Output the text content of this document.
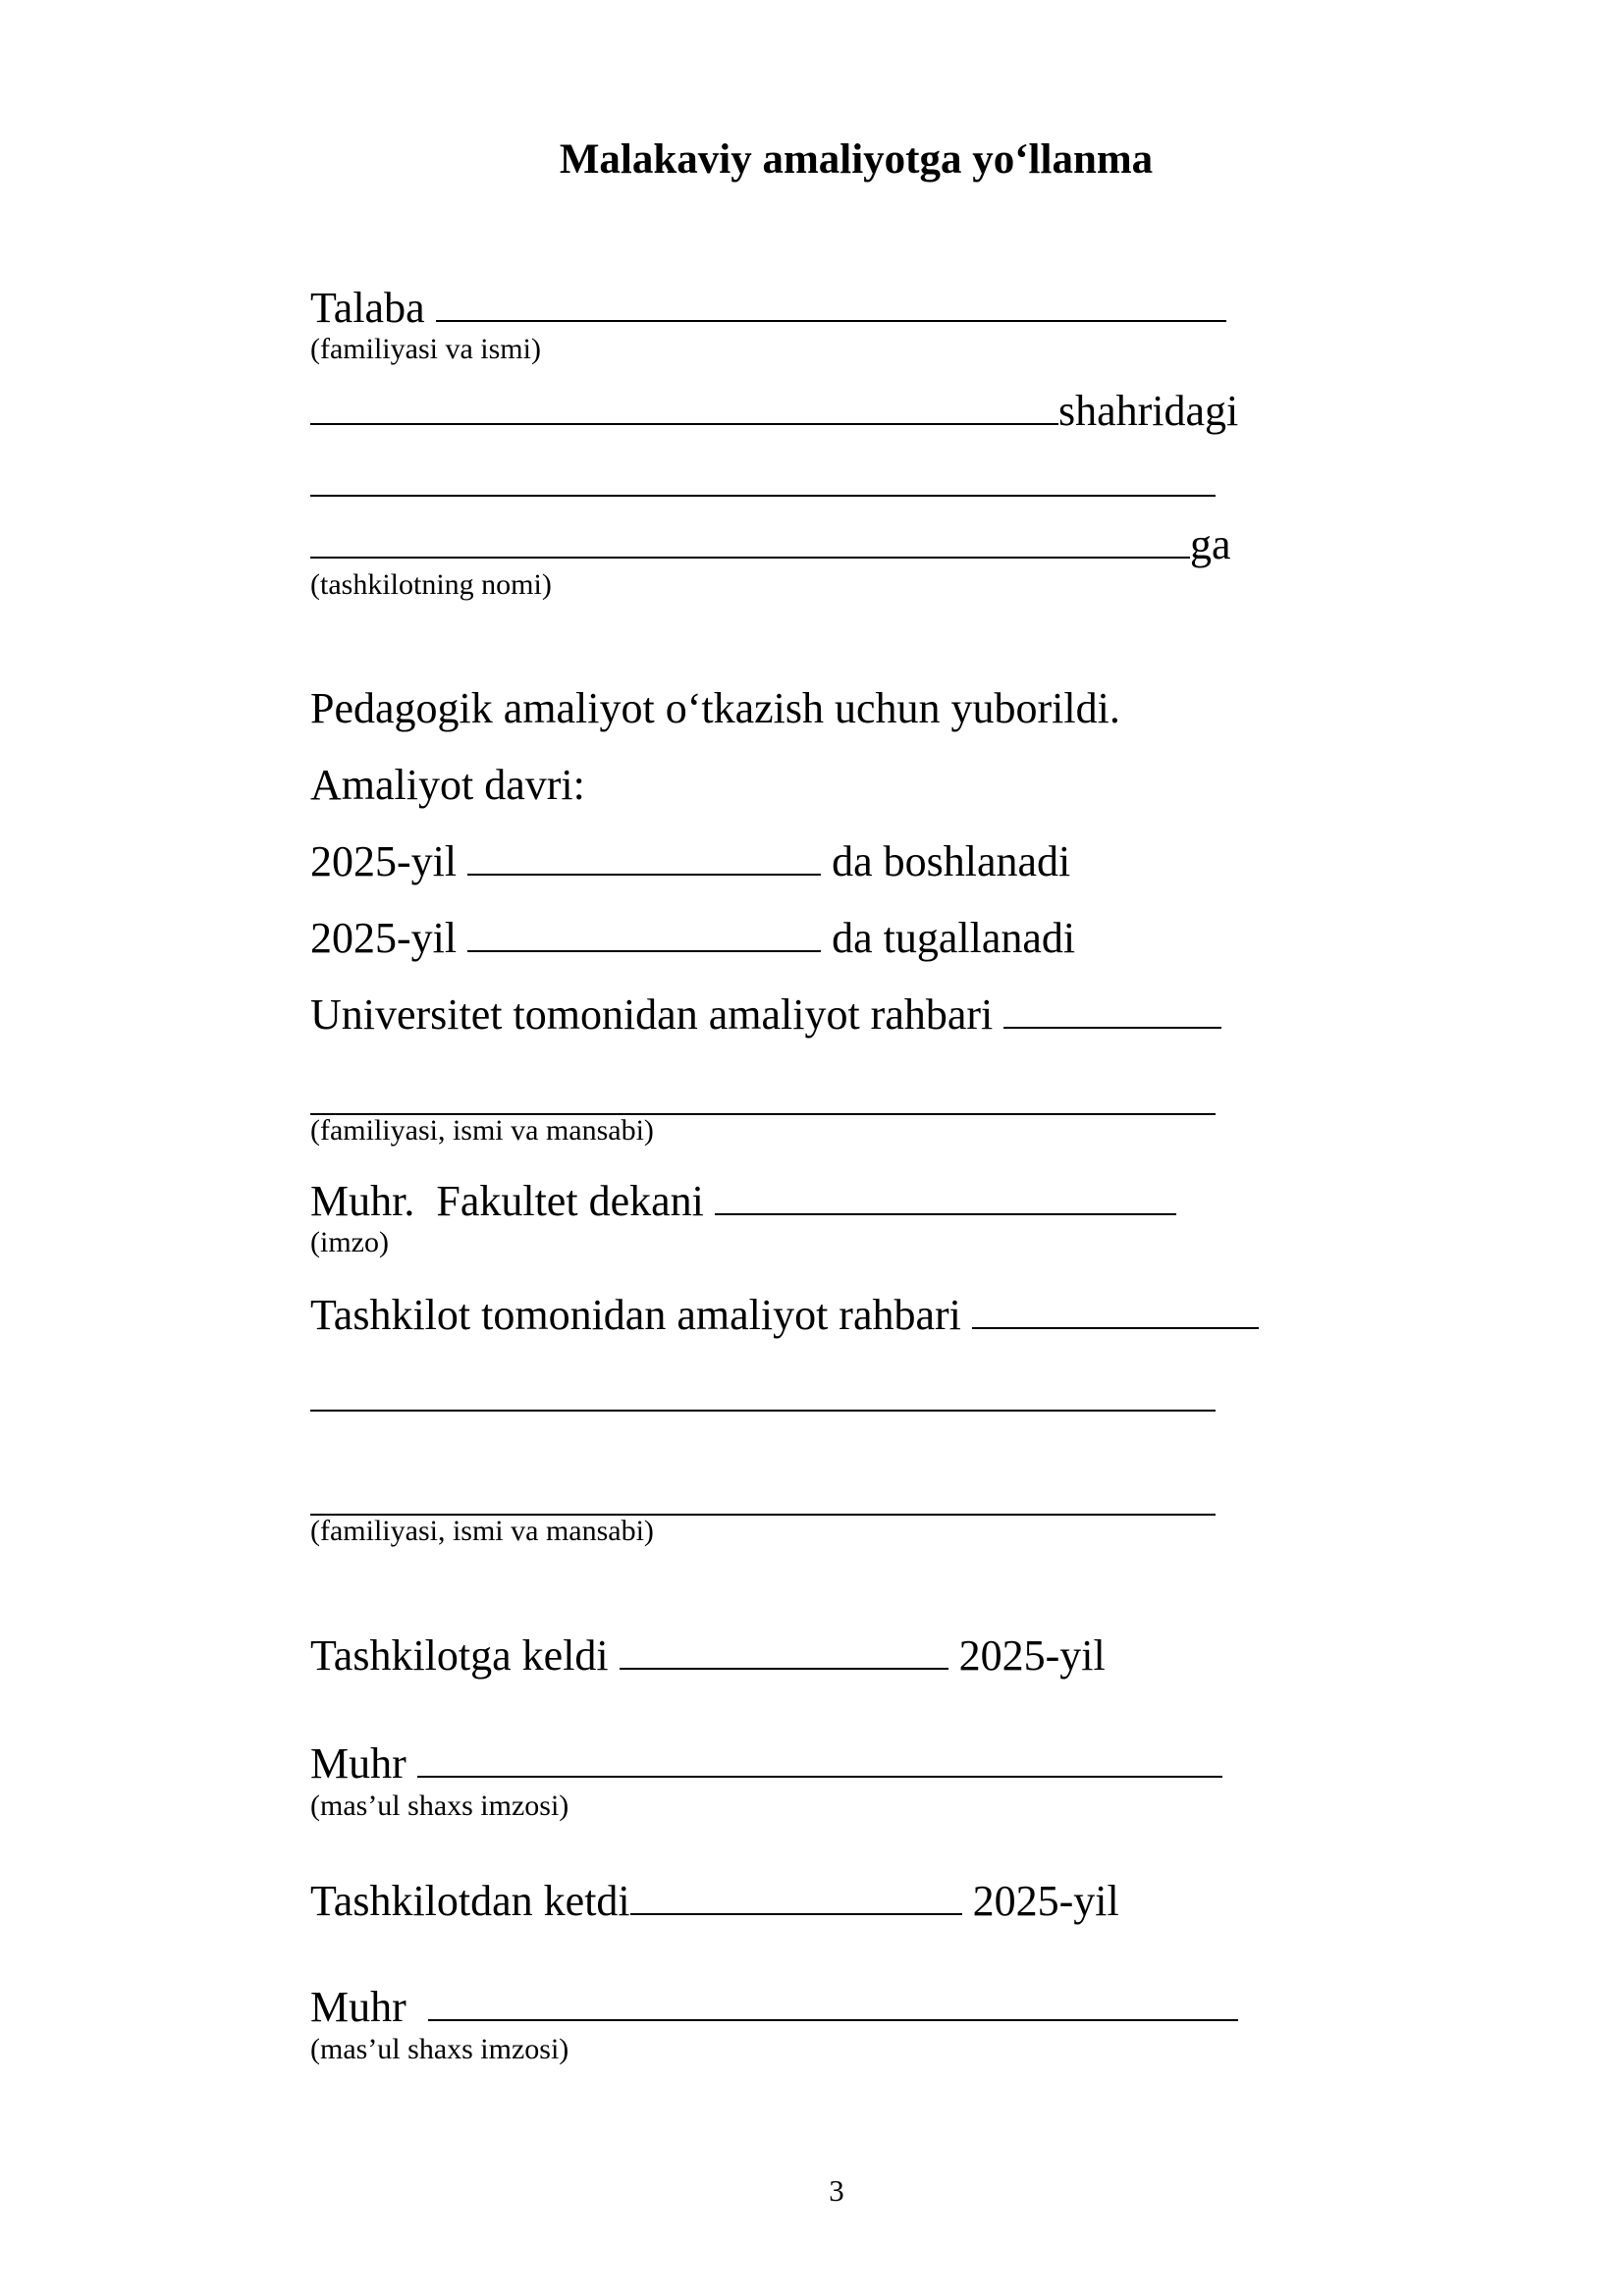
Malakaviy amaliyotga yo‘llanma
Talaba
(familiyasi va ismi)
shahridagi
ga
(tashkilotning nomi)
Pedagogik amaliyot o‘tkazish uchun yuborildi.
Amaliyot davri:
2025-yil	da boshlanadi
2025-yil	da tugallanadi
Universitet tomonidan amaliyot rahbari
(familiyasi, ismi va mansabi)
Muhr. Fakultet dekani
(imzo)
Tashkilot tomonidan amaliyot rahbari
(familiyasi, ismi va mansabi)
Tashkilotga keldi	2025-yil
Muhr
(mas’ul shaxs imzosi)
Tashkilotdan ketdi	2025-yil
Muhr
(mas’ul shaxs imzosi)
3
